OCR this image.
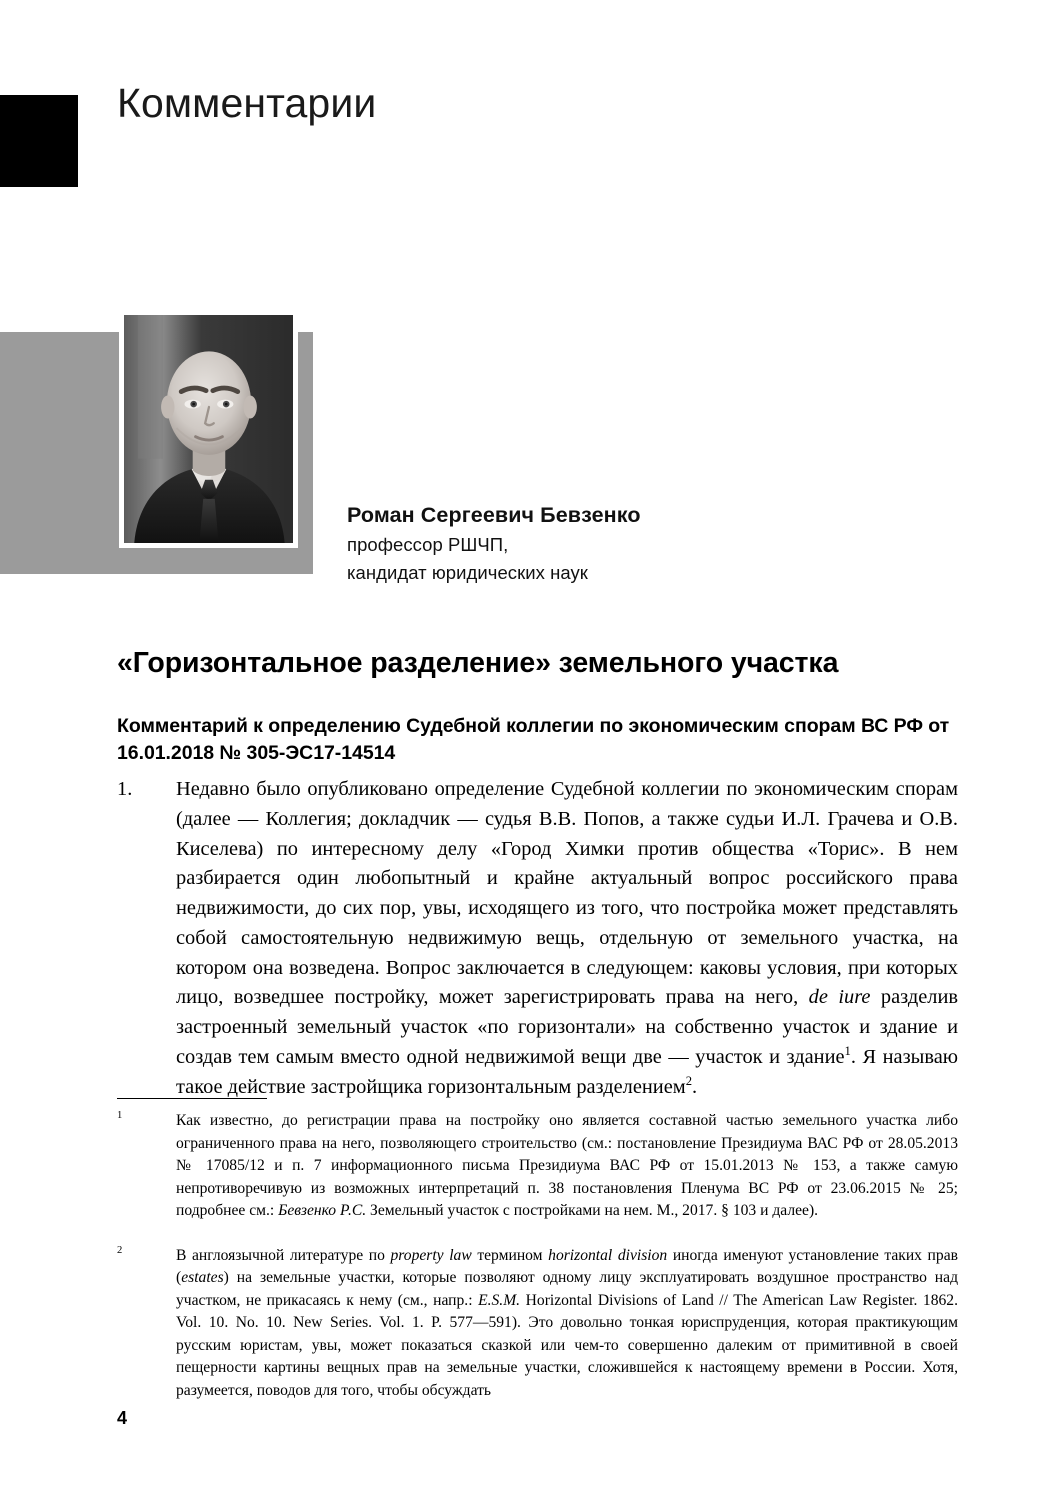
Комментарии
Роман Сергеевич Бевзенко
профессор РШЧП,
кандидат юридических наук
«Горизонтальное разделение» земельного участка
Комментарий к определению Судебной коллегии по экономическим спорам ВС РФ от 16.01.2018 № 305-ЭС17-14514
1. Недавно было опубликовано определение Судебной коллегии по экономическим спорам (далее — Коллегия; докладчик — судья В.В. Попов, а также судьи И.Л. Грачева и О.В. Киселева) по интересному делу «Город Химки против общества «Торис». В нем разбирается один любопытный и крайне актуальный вопрос российского права недвижимости, до сих пор, увы, исходящего из того, что постройка может представлять собой самостоятельную недвижимую вещь, отдельную от земельного участка, на котором она возведена. Вопрос заключается в следующем: каковы условия, при которых лицо, возведшее постройку, может зарегистрировать права на него, de iure разделив застроенный земельный участок «по горизонтали» на собственно участок и здание и создав тем самым вместо одной недвижимой вещи две — участок и здание$^1$. Я называю такое действие застройщика горизонтальным разделением$^2$.
1	Как известно, до регистрации права на постройку оно является составной частью земельного участка либо ограниченного права на него, позволяющего строительство (см.: постановление Президиума ВАС РФ от 28.05.2013 № 17085/12 и п. 7 информационного письма Президиума ВАС РФ от 15.01.2013 № 153, а также самую непротиворечивую из возможных интерпретаций п. 38 постановления Пленума ВС РФ от 23.06.2015 № 25; подробнее см.: Бевзенко Р.С. Земельный участок с постройками на нем. М., 2017. § 103 и далее).
2	В англоязычной литературе по property law термином horizontal division иногда именуют установление таких прав (estates) на земельные участки, которые позволяют одному лицу эксплуатировать воздушное пространство над участком, не прикасаясь к нему (см., напр.: E.S.M. Horizontal Divisions of Land // The American Law Register. 1862. Vol. 10. No. 10. New Series. Vol. 1. P. 577—591). Это довольно тонкая юриспруденция, которая практикующим русским юристам, увы, может показаться сказкой или чем-то совершенно далеким от примитивной в своей пещерности картины вещных прав на земельные участки, сложившейся к настоящему времени в России. Хотя, разумеется, поводов для того, чтобы обсуждать
4
